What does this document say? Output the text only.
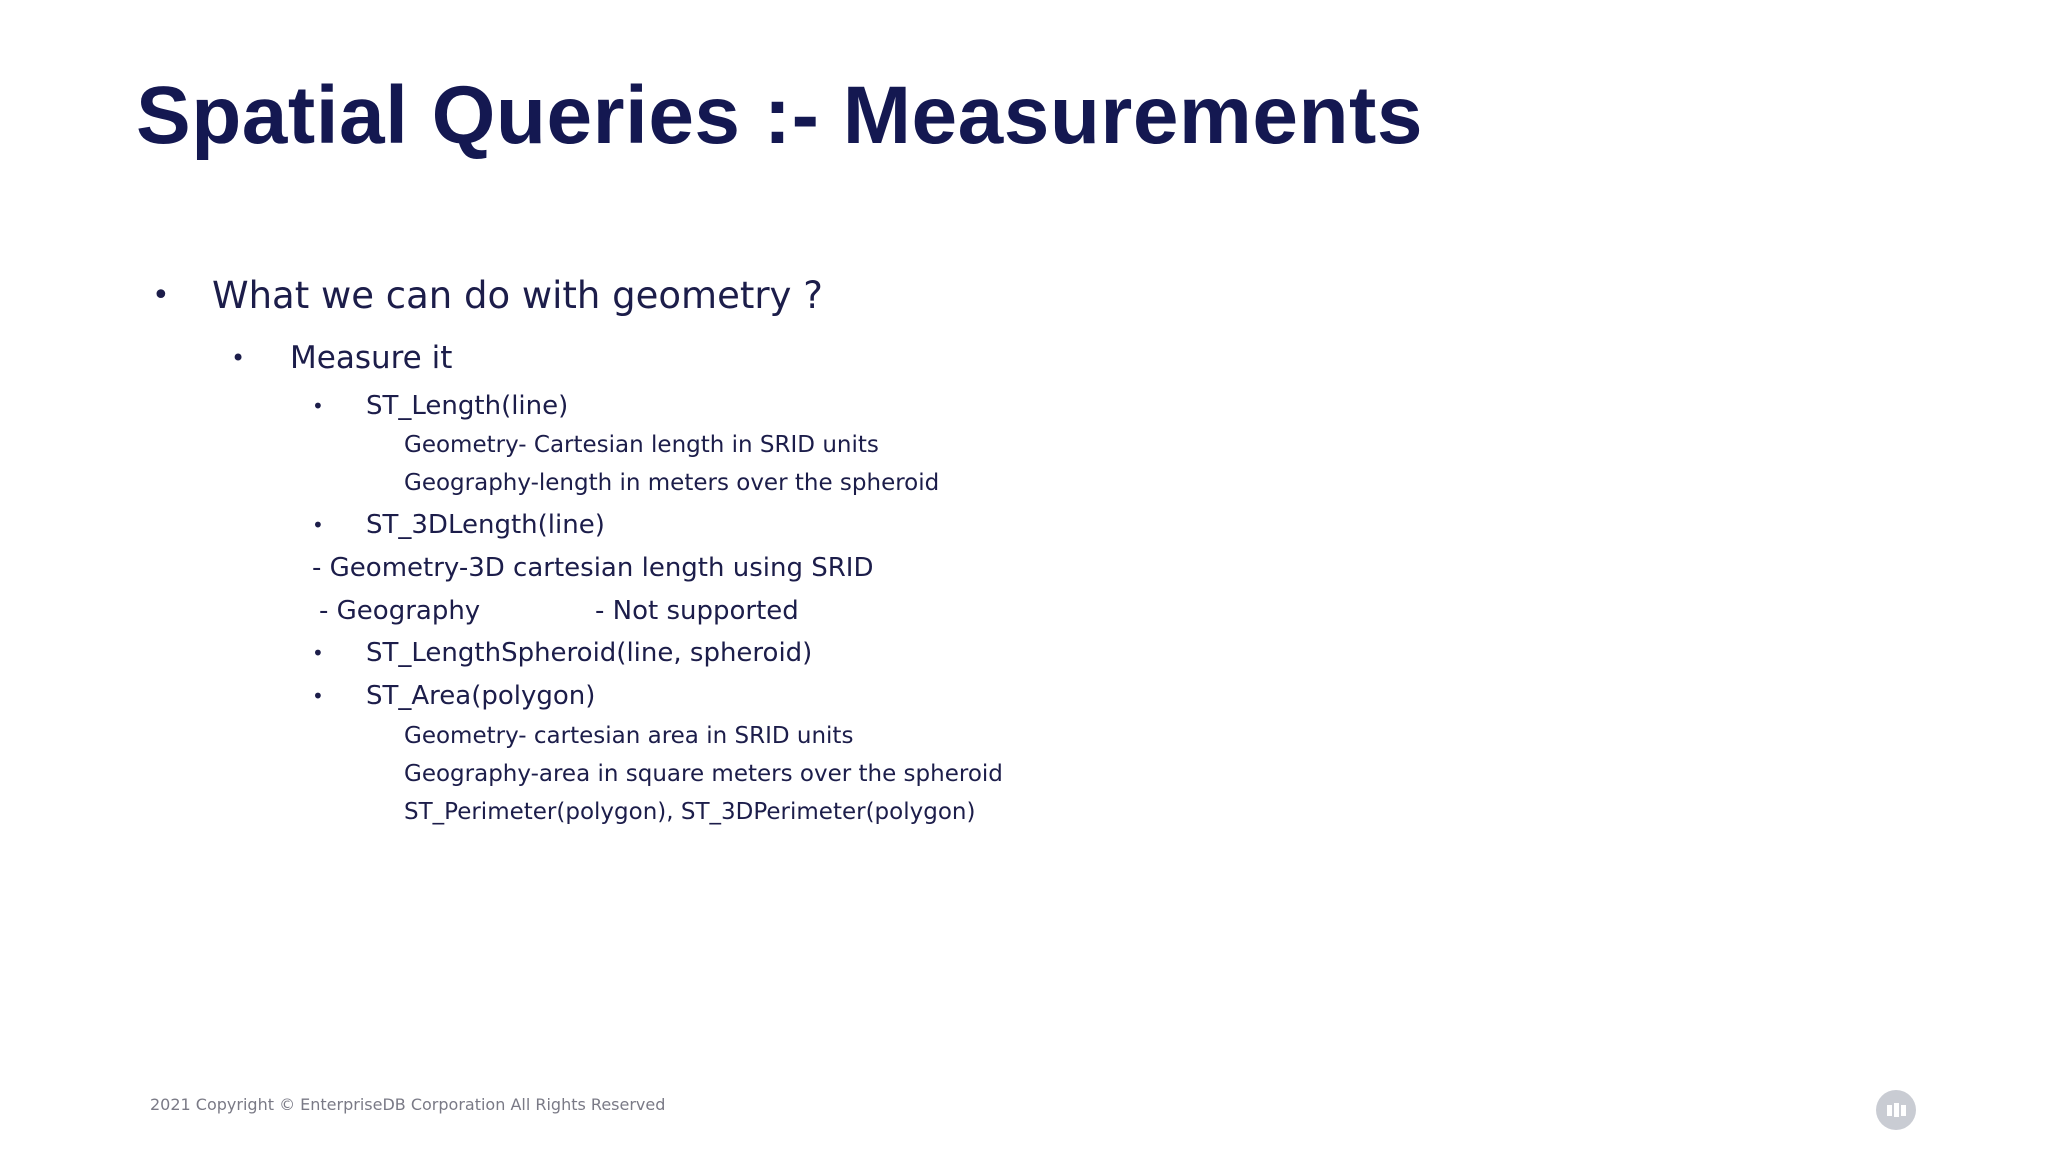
Spatial Queries :- Measurements
• What we can do with geometry ?
• Measure it
• ST_Length(line)
Geometry- Cartesian length in SRID units
Geography-length in meters over the spheroid
• ST_3DLength(line)
- Geometry-3D cartesian length using SRID
- Geography	- Not supported
• ST_LengthSpheroid(line, spheroid)
• ST_Area(polygon)
Geometry- cartesian area in SRID units
Geography-area in square meters over the spheroid
ST_Perimeter(polygon), ST_3DPerimeter(polygon)
2021 Copyright © EnterpriseDB Corporation All Rights Reserved
